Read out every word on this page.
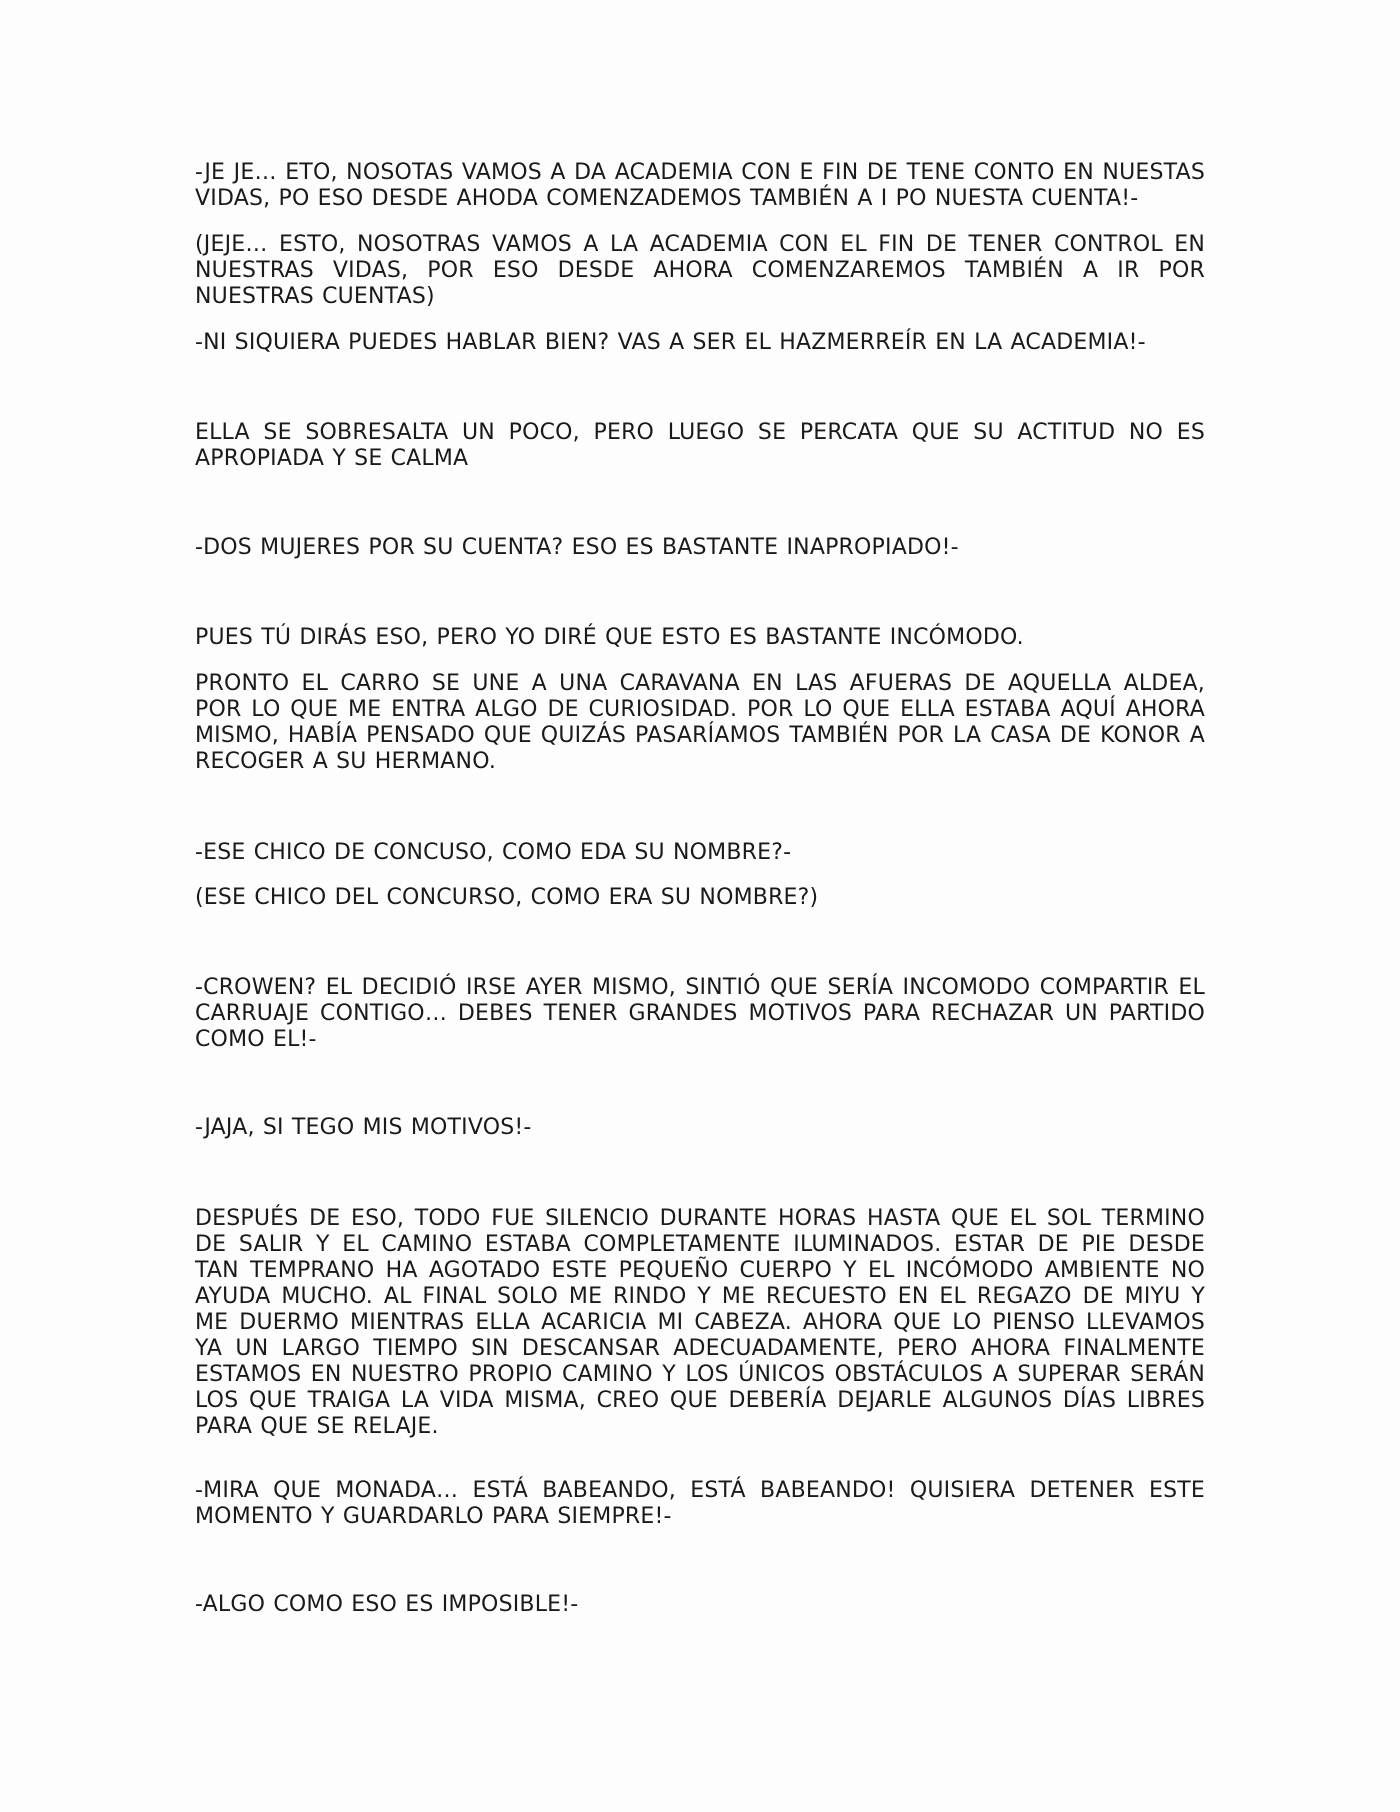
-JE JE… ETO, NOSOTAS VAMOS A DA ACADEMIA CON E FIN DE TENE CONTO EN NUESTAS VIDAS, PO ESO DESDE AHODA COMENZADEMOS TAMBIÉN A I PO NUESTA CUENTA!-

(JEJE… ESTO, NOSOTRAS VAMOS A LA ACADEMIA CON EL FIN DE TENER CONTROL EN NUESTRAS VIDAS, POR ESO DESDE AHORA COMENZAREMOS TAMBIÉN A IR POR NUESTRAS CUENTAS)

-NI SIQUIERA PUEDES HABLAR BIEN? VAS A SER EL HAZMERREÍR EN LA ACADEMIA!-

ELLA SE SOBRESALTA UN POCO, PERO LUEGO SE PERCATA QUE SU ACTITUD NO ES APROPIADA Y SE CALMA

-DOS MUJERES POR SU CUENTA? ESO ES BASTANTE INAPROPIADO!-

PUES TÚ DIRÁS ESO, PERO YO DIRÉ QUE ESTO ES BASTANTE INCÓMODO.

PRONTO EL CARRO SE UNE A UNA CARAVANA EN LAS AFUERAS DE AQUELLA ALDEA, POR LO QUE ME ENTRA ALGO DE CURIOSIDAD. POR LO QUE ELLA ESTABA AQUÍ AHORA MISMO, HABÍA PENSADO QUE QUIZÁS PASARÍAMOS TAMBIÉN POR LA CASA DE KONOR A RECOGER A SU HERMANO.

-ESE CHICO DE CONCUSO, COMO EDA SU NOMBRE?-

(ESE CHICO DEL CONCURSO, COMO ERA SU NOMBRE?)

-CROWEN? EL DECIDIÓ IRSE AYER MISMO, SINTIÓ QUE SERÍA INCOMODO COMPARTIR EL CARRUAJE CONTIGO… DEBES TENER GRANDES MOTIVOS PARA RECHAZAR UN PARTIDO COMO EL!-

-JAJA, SI TEGO MIS MOTIVOS!-

DESPUÉS DE ESO, TODO FUE SILENCIO DURANTE HORAS HASTA QUE EL SOL TERMINO DE SALIR Y EL CAMINO ESTABA COMPLETAMENTE ILUMINADOS. ESTAR DE PIE DESDE TAN TEMPRANO HA AGOTADO ESTE PEQUEÑO CUERPO Y EL INCÓMODO AMBIENTE NO AYUDA MUCHO. AL FINAL SOLO ME RINDO Y ME RECUESTO EN EL REGAZO DE MIYU Y ME DUERMO MIENTRAS ELLA ACARICIA MI CABEZA. AHORA QUE LO PIENSO LLEVAMOS YA UN LARGO TIEMPO SIN DESCANSAR ADECUADAMENTE, PERO AHORA FINALMENTE ESTAMOS EN NUESTRO PROPIO CAMINO Y LOS ÚNICOS OBSTÁCULOS A SUPERAR SERÁN LOS QUE TRAIGA LA VIDA MISMA, CREO QUE DEBERÍA DEJARLE ALGUNOS DÍAS LIBRES PARA QUE SE RELAJE.

-MIRA QUE MONADA… ESTÁ BABEANDO, ESTÁ BABEANDO! QUISIERA DETENER ESTE MOMENTO Y GUARDARLO PARA SIEMPRE!-

-ALGO COMO ESO ES IMPOSIBLE!-
